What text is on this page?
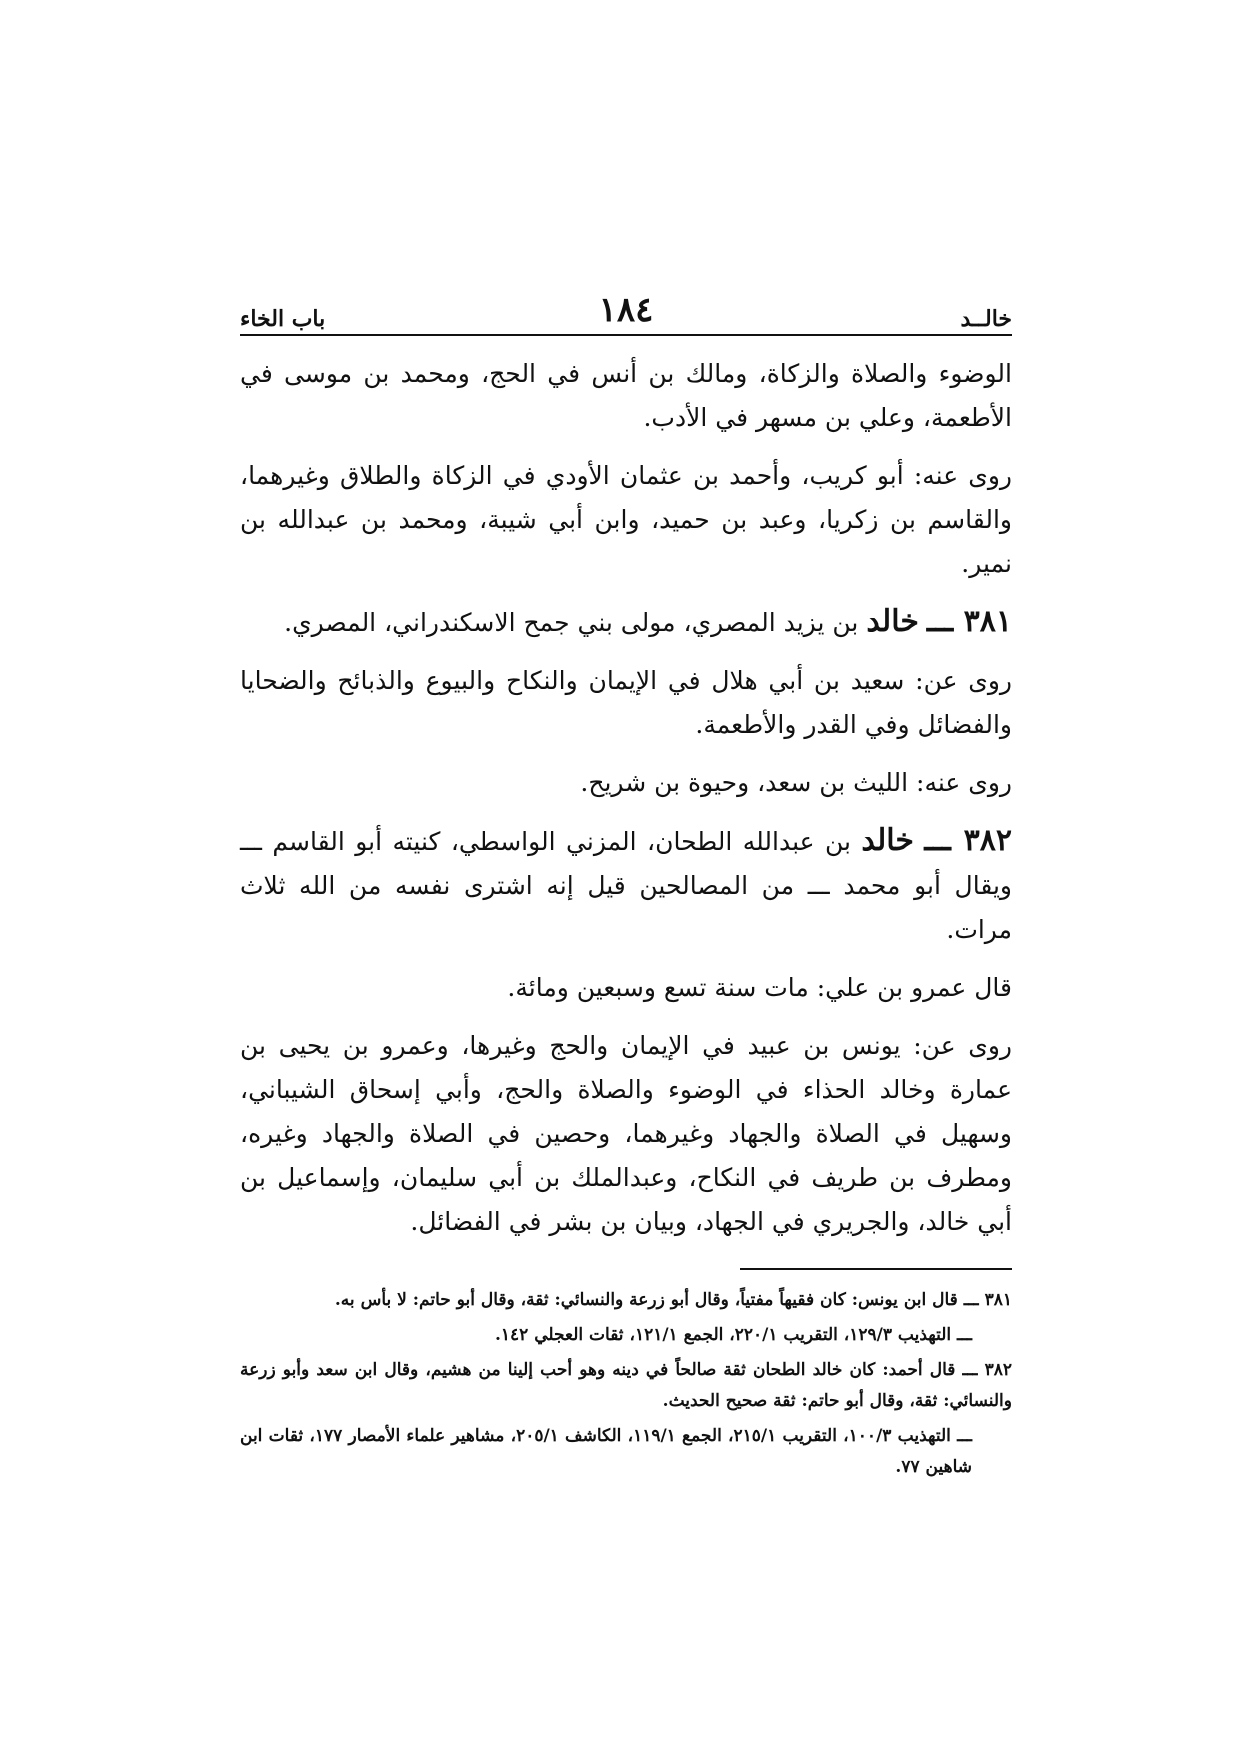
خالــد
١٨٤
باب الخاء

الوضوء والصلاة والزكاة، ومالك بن أنس في الحج، ومحمد بن موسى في الأطعمة، وعلي بن مسهر في الأدب.

روى عنه: أبو كريب، وأحمد بن عثمان الأودي في الزكاة والطلاق وغيرهما، والقاسم بن زكريا، وعبد بن حميد، وابن أبي شيبة، ومحمد بن عبدالله بن نمير.

٣٨١ ـــ خالد بن يزيد المصري، مولى بني جمح الاسكندراني، المصري.

روى عن: سعيد بن أبي هلال في الإيمان والنكاح والبيوع والذبائح والضحايا والفضائل وفي القدر والأطعمة.

روى عنه: الليث بن سعد، وحيوة بن شريح.

٣٨٢ ـــ خالد بن عبدالله الطحان، المزني الواسطي، كنيته أبو القاسم ـــ ويقال أبو محمد ـــ من المصالحين قيل إنه اشترى نفسه من الله ثلاث مرات.

قال عمرو بن علي: مات سنة تسع وسبعين ومائة.

روى عن: يونس بن عبيد في الإيمان والحج وغيرها، وعمرو بن يحيى بن عمارة وخالد الحذاء في الوضوء والصلاة والحج، وأبي إسحاق الشيباني، وسهيل في الصلاة والجهاد وغيرهما، وحصين في الصلاة والجهاد وغيره، ومطرف بن طريف في النكاح، وعبدالملك بن أبي سليمان، وإسماعيل بن أبي خالد، والجريري في الجهاد، وبيان بن بشر في الفضائل.

٣٨١ ـــ قال ابن يونس: كان فقيهاً مفتياً، وقال أبو زرعة والنسائي: ثقة، وقال أبو حاتم: لا بأس به.

ـــ التهذيب ١٢٩/٣، التقريب ٢٢٠/١، الجمع ١٢١/١، ثقات العجلي ١٤٢.

٣٨٢ ـــ قال أحمد: كان خالد الطحان ثقة صالحاً في دينه وهو أحب إلينا من هشيم، وقال ابن سعد وأبو زرعة والنسائي: ثقة، وقال أبو حاتم: ثقة صحيح الحديث.

ـــ التهذيب ١٠٠/٣، التقريب ٢١٥/١، الجمع ١١٩/١، الكاشف ٢٠٥/١، مشاهير علماء الأمصار ١٧٧، ثقات ابن شاهين ٧٧.
